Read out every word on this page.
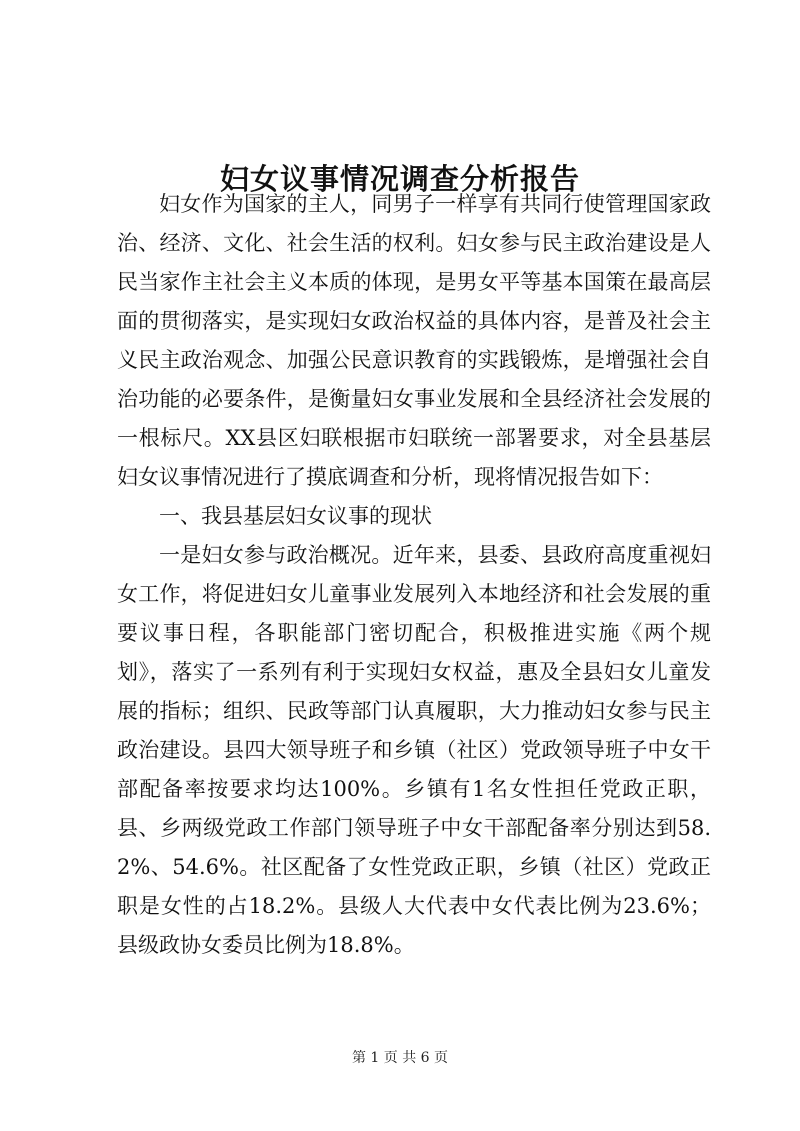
妇女议事情况调查分析报告

妇女作为国家的主人，同男子一样享有共同行使管理国家政治、经济、文化、社会生活的权利。妇女参与民主政治建设是人民当家作主社会主义本质的体现，是男女平等基本国策在最高层面的贯彻落实，是实现妇女政治权益的具体内容，是普及社会主义民主政治观念、加强公民意识教育的实践锻炼，是增强社会自治功能的必要条件，是衡量妇女事业发展和全县经济社会发展的一根标尺。XX县区妇联根据市妇联统一部署要求，对全县基层妇女议事情况进行了摸底调查和分析，现将情况报告如下：

一、我县基层妇女议事的现状

一是妇女参与政治概况。近年来，县委、县政府高度重视妇女工作，将促进妇女儿童事业发展列入本地经济和社会发展的重要议事日程，各职能部门密切配合，积极推进实施《两个规划》，落实了一系列有利于实现妇女权益，惠及全县妇女儿童发展的指标；组织、民政等部门认真履职，大力推动妇女参与民主政治建设。县四大领导班子和乡镇（社区）党政领导班子中女干部配备率按要求均达100%。乡镇有1名女性担任党政正职，县、乡两级党政工作部门领导班子中女干部配备率分别达到58.2%、54.6%。社区配备了女性党政正职，乡镇（社区）党政正职是女性的占18.2%。县级人大代表中女代表比例为23.6%；县级政协女委员比例为18.8%。

第 1 页 共 6 页
